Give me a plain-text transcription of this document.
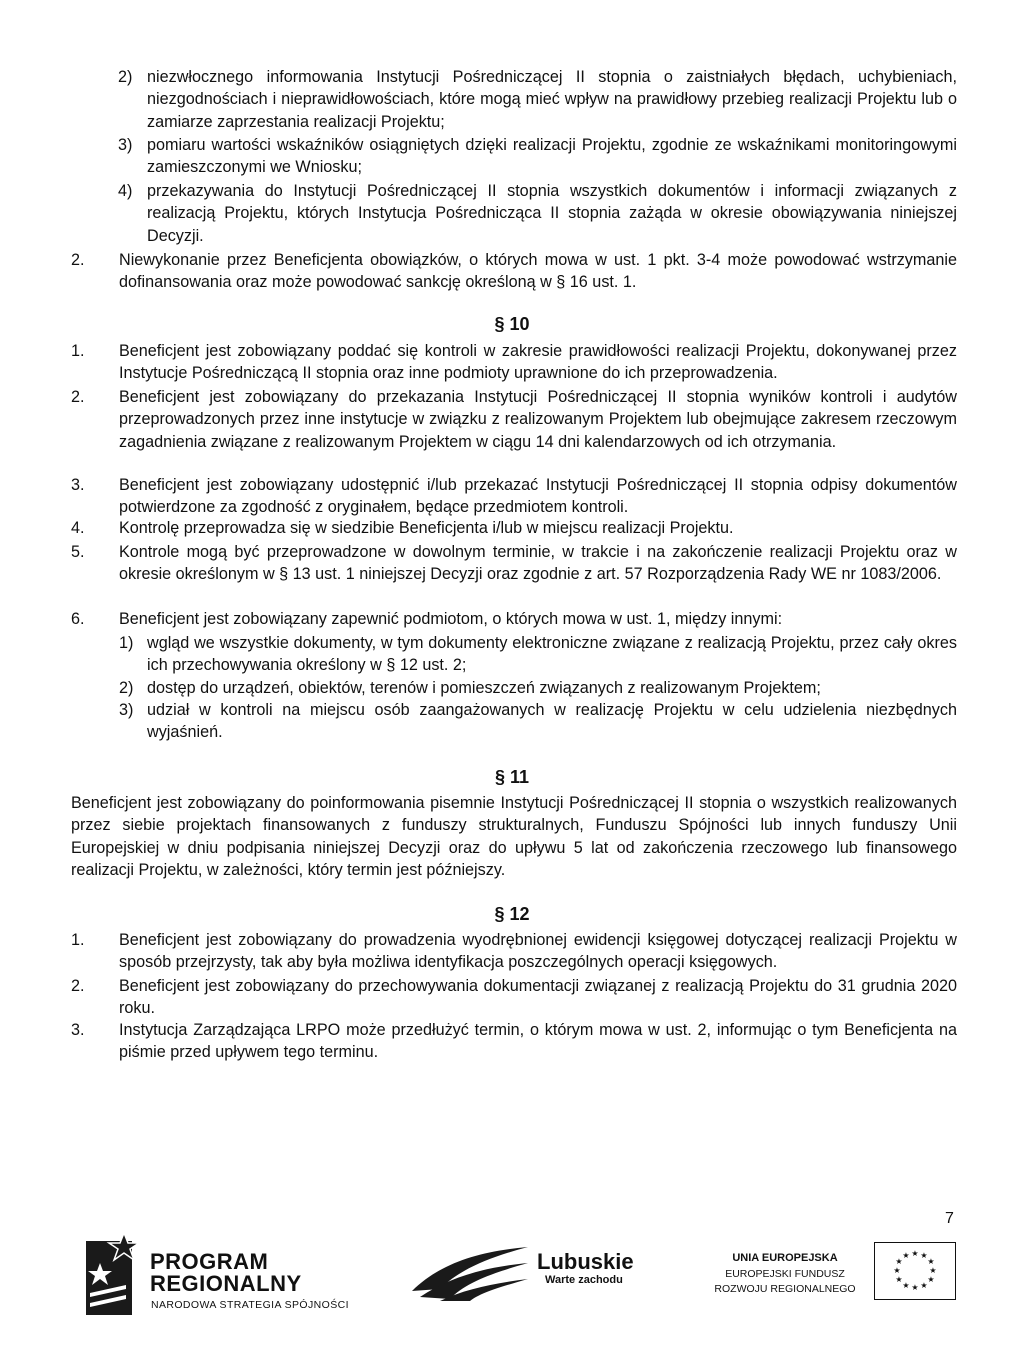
2) niezwłocznego informowania Instytucji Pośredniczącej II stopnia o zaistniałych błędach, uchybieniach, niezgodnościach i nieprawidłowościach, które mogą mieć wpływ na prawidłowy przebieg realizacji Projektu lub o zamiarze zaprzestania realizacji Projektu;
3) pomiaru wartości wskaźników osiągniętych dzięki realizacji Projektu, zgodnie ze wskaźnikami monitoringowymi zamieszczonymi we Wniosku;
4) przekazywania do Instytucji Pośredniczącej II stopnia wszystkich dokumentów i informacji związanych z realizacją Projektu, których Instytucja Pośrednicząca II stopnia zażąda w okresie obowiązywania niniejszej Decyzji.
2. Niewykonanie przez Beneficjenta obowiązków, o których mowa w ust. 1 pkt. 3-4 może powodować wstrzymanie dofinansowania oraz może powodować sankcję określoną w § 16 ust. 1.
§ 10
1. Beneficjent jest zobowiązany poddać się kontroli w zakresie prawidłowości realizacji Projektu, dokonywanej przez Instytucje Pośredniczącą II stopnia oraz inne podmioty uprawnione do ich przeprowadzenia.
2. Beneficjent jest zobowiązany do przekazania Instytucji Pośredniczącej II stopnia wyników kontroli i audytów przeprowadzonych przez inne instytucje w związku z realizowanym Projektem lub obejmujące zakresem rzeczowym zagadnienia związane z realizowanym Projektem w ciągu 14 dni kalendarzowych od ich otrzymania.
3. Beneficjent jest zobowiązany udostępnić i/lub przekazać Instytucji Pośredniczącej II stopnia odpisy dokumentów potwierdzone za zgodność z oryginałem, będące przedmiotem kontroli.
4. Kontrolę przeprowadza się w siedzibie Beneficjenta i/lub w miejscu realizacji Projektu.
5. Kontrole mogą być przeprowadzone w dowolnym terminie, w trakcie i na zakończenie realizacji Projektu oraz w okresie określonym w § 13 ust. 1 niniejszej Decyzji oraz zgodnie z art. 57 Rozporządzenia Rady WE nr 1083/2006.
6. Beneficjent jest zobowiązany zapewnić podmiotom, o których mowa w ust. 1, między innymi:
1) wgląd we wszystkie dokumenty, w tym dokumenty elektroniczne związane z realizacją Projektu, przez cały okres ich przechowywania określony w § 12 ust. 2;
2) dostęp do urządzeń, obiektów, terenów i pomieszczeń związanych z realizowanym Projektem;
3) udział w kontroli na miejscu osób zaangażowanych w realizację Projektu w celu udzielenia niezbędnych wyjaśnień.
§ 11
Beneficjent jest zobowiązany do poinformowania pisemnie Instytucji Pośredniczącej II stopnia o wszystkich realizowanych przez siebie projektach finansowanych z funduszy strukturalnych, Funduszu Spójności lub innych funduszy Unii Europejskiej w dniu podpisania niniejszej Decyzji oraz do upływu 5 lat od zakończenia rzeczowego lub finansowego realizacji Projektu, w zależności, który termin jest późniejszy.
§ 12
1. Beneficjent jest zobowiązany do prowadzenia wyodrębnionej ewidencji księgowej dotyczącej realizacji Projektu w sposób przejrzysty, tak aby była możliwa identyfikacja poszczególnych operacji księgowych.
2. Beneficjent jest zobowiązany do przechowywania dokumentacji związanej z realizacją Projektu do 31 grudnia 2020 roku.
3. Instytucja Zarządzająca LRPO może przedłużyć termin, o którym mowa w ust. 2, informując o tym Beneficjenta na piśmie przed upływem tego terminu.
7
PROGRAM
REGIONALNY
NARODOWA STRATEGIA SPÓJNOŚCI
Lubuskie
Warte zachodu
UNIA EUROPEJSKA
EUROPEJSKI FUNDUSZ
ROZWOJU REGIONALNEGO
★ ★
★
★
★
★
★
★
★
★
★
★
